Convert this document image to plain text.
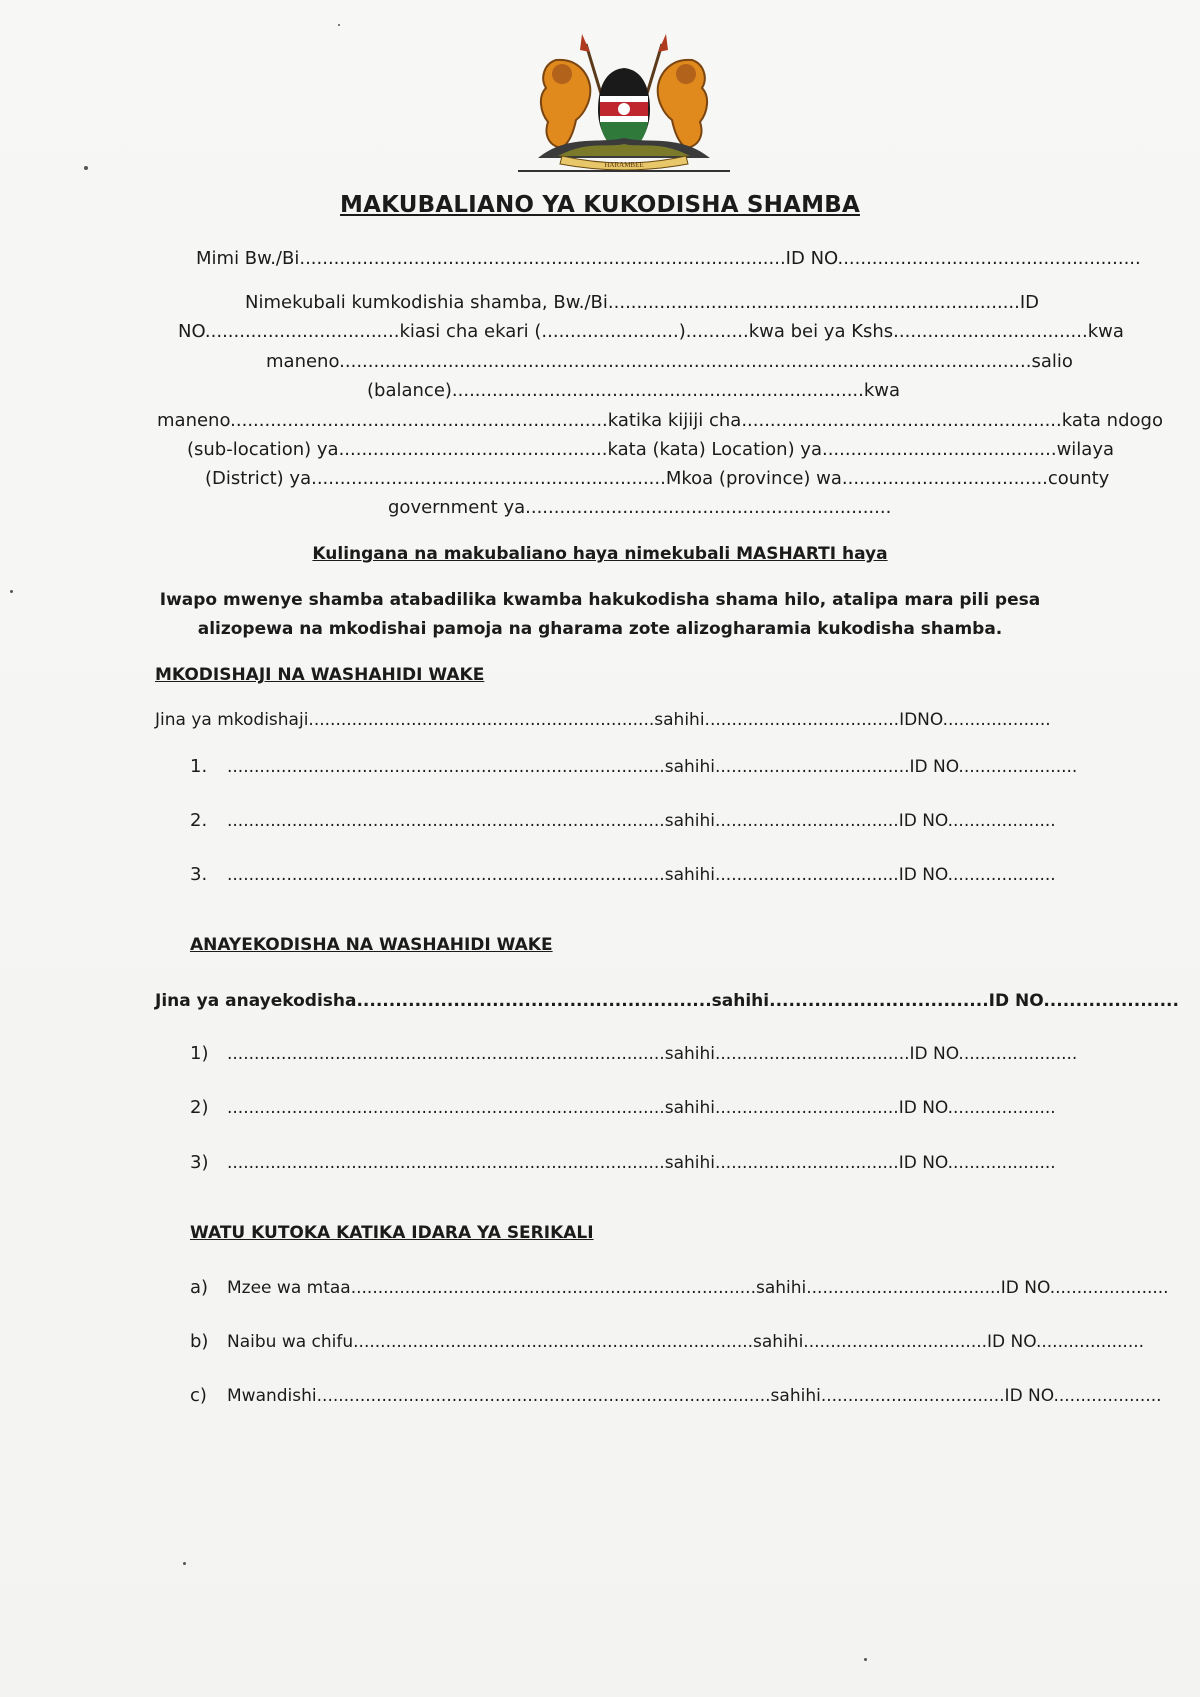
HARAMBEE
MAKUBALIANO YA KUKODISHA SHAMBA
Mimi Bw./Bi.....................................................................................ID NO.....................................................
Nimekubali kumkodishia shamba, Bw./Bi........................................................................ID
NO..................................kiasi cha ekari (........................)...........kwa bei ya Kshs..................................kwa
maneno.........................................................................................................................salio
(balance)........................................................................kwa
maneno..................................................................katika kijiji cha........................................................kata ndogo
(sub-location) ya...............................................kata (kata) Location) ya.........................................wilaya
(District) ya..............................................................Mkoa (province) wa....................................county
government ya................................................................
Kulingana na makubaliano haya nimekubali MASHARTI haya
Iwapo mwenye shamba atabadilika kwamba hakukodisha shama hilo, atalipa mara pili pesa
alizopewa na mkodishai pamoja na gharama zote alizogharamia kukodisha shamba.
MKODISHAJI NA WASHAHIDI WAKE
Jina ya mkodishaji................................................................sahihi....................................IDNO....................
1. .................................................................................sahihi....................................ID NO......................
2. .................................................................................sahihi..................................ID NO....................
3. .................................................................................sahihi..................................ID NO....................
ANAYEKODISHA NA WASHAHIDI WAKE
Jina ya anayekodisha.......................................................sahihi..................................ID NO.....................
1) .................................................................................sahihi....................................ID NO......................
2) .................................................................................sahihi..................................ID NO....................
3) .................................................................................sahihi..................................ID NO....................
WATU KUTOKA KATIKA IDARA YA SERIKALI
a) Mzee wa mtaa...........................................................................sahihi....................................ID NO......................
b) Naibu wa chifu..........................................................................sahihi..................................ID NO....................
c) Mwandishi....................................................................................sahihi..................................ID NO....................
